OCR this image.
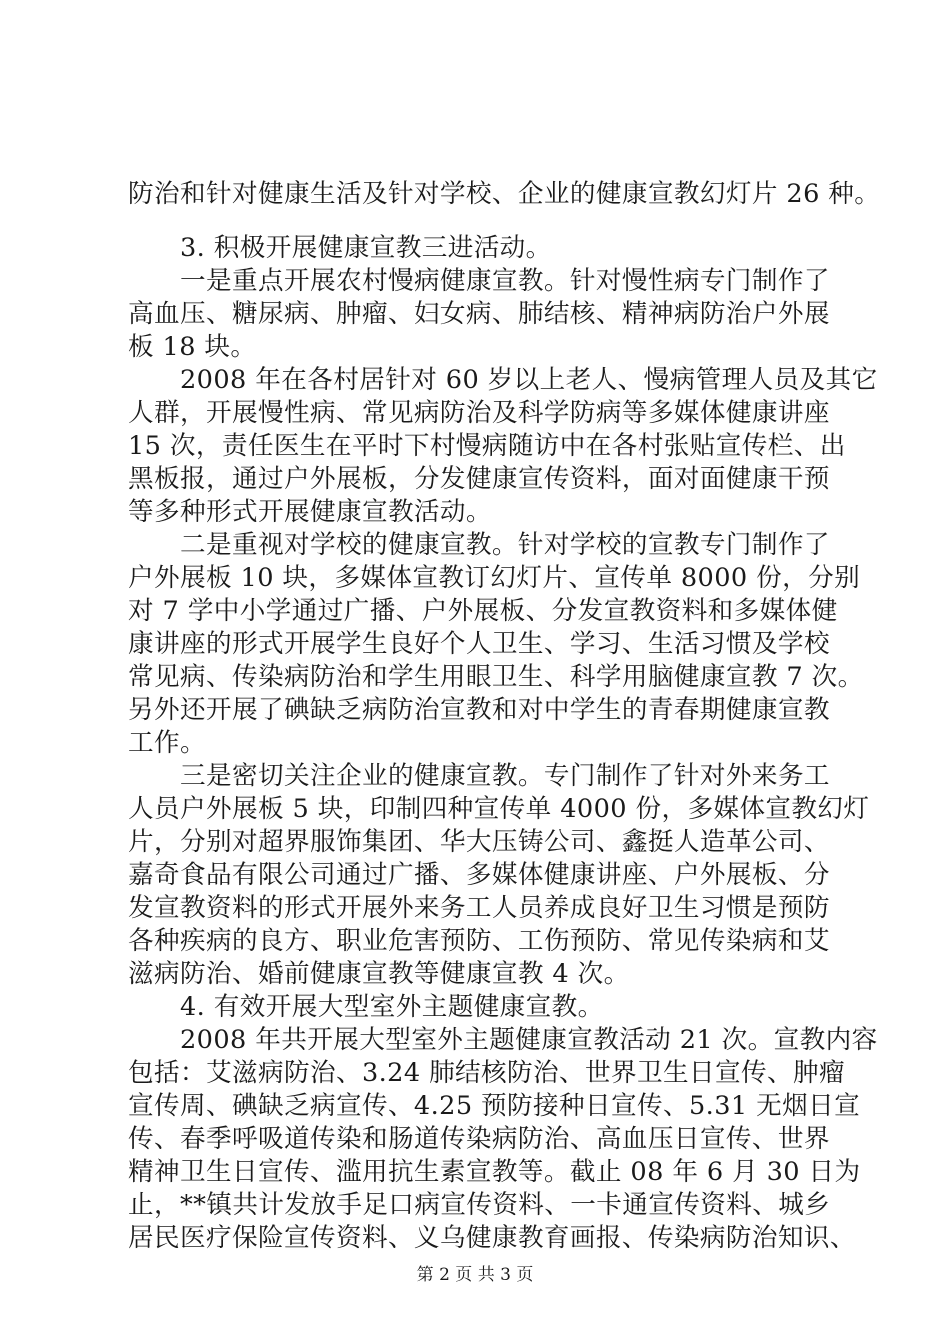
防治和针对健康生活及针对学校、企业的健康宣教幻灯片 26 种。
3. 积极开展健康宣教三进活动。
一是重点开展农村慢病健康宣教。针对慢性病专门制作了
高血压、糖尿病、肿瘤、妇女病、肺结核、精神病防治户外展
板 18 块。
2008 年在各村居针对 60 岁以上老人、慢病管理人员及其它
人群，开展慢性病、常见病防治及科学防病等多媒体健康讲座
15 次，责任医生在平时下村慢病随访中在各村张贴宣传栏、出
黑板报，通过户外展板，分发健康宣传资料，面对面健康干预
等多种形式开展健康宣教活动。
二是重视对学校的健康宣教。针对学校的宣教专门制作了
户外展板 10 块，多媒体宣教订幻灯片、宣传单 8000 份，分别
对 7 学中小学通过广播、户外展板、分发宣教资料和多媒体健
康讲座的形式开展学生良好个人卫生、学习、生活习惯及学校
常见病、传染病防治和学生用眼卫生、科学用脑健康宣教 7 次。
另外还开展了碘缺乏病防治宣教和对中学生的青春期健康宣教
工作。
三是密切关注企业的健康宣教。专门制作了针对外来务工
人员户外展板 5 块，印制四种宣传单 4000 份，多媒体宣教幻灯
片，分别对超界服饰集团、华大压铸公司、鑫挺人造革公司、
嘉奇食品有限公司通过广播、多媒体健康讲座、户外展板、分
发宣教资料的形式开展外来务工人员养成良好卫生习惯是预防
各种疾病的良方、职业危害预防、工伤预防、常见传染病和艾
滋病防治、婚前健康宣教等健康宣教 4 次。
4. 有效开展大型室外主题健康宣教。
2008 年共开展大型室外主题健康宣教活动 21 次。宣教内容
包括：艾滋病防治、3.24 肺结核防治、世界卫生日宣传、肿瘤
宣传周、碘缺乏病宣传、4.25 预防接种日宣传、5.31 无烟日宣
传、春季呼吸道传染和肠道传染病防治、高血压日宣传、世界
精神卫生日宣传、滥用抗生素宣教等。截止 08 年 6 月 30 日为
止，**镇共计发放手足口病宣传资料、一卡通宣传资料、城乡
居民医疗保险宣传资料、义乌健康教育画报、传染病防治知识、
第 2 页 共 3 页
